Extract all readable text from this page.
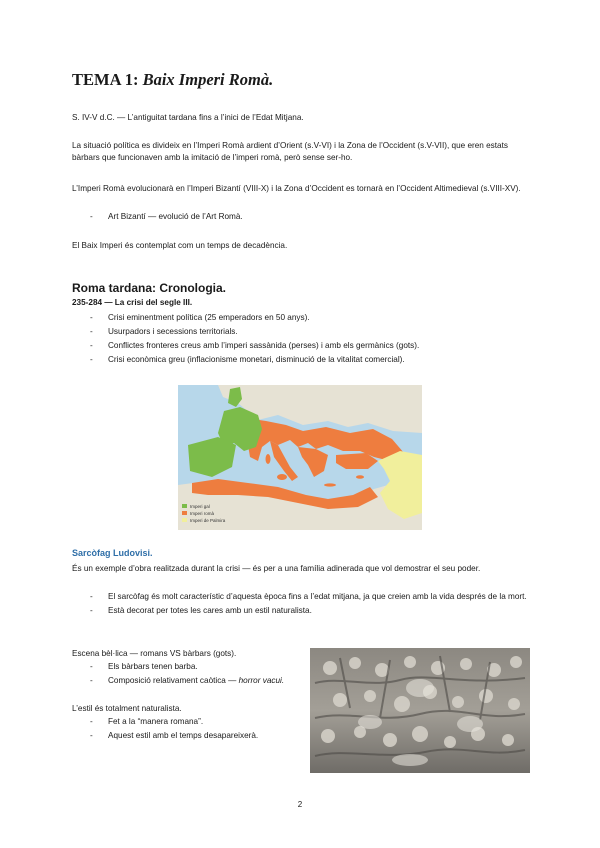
TEMA 1: Baix Imperi Romà.
S. IV-V d.C. — L’antiguitat tardana fins a l’inici de l’Edat Mitjana.
La situació política es divideix en l’Imperi Romà ardient d’Orient (s.V-VI) i la Zona de l’Occident (s.V-VII), que eren estats bàrbars que funcionaven amb la imitació de l’imperi romà, però sense ser-ho.
L’Imperi Romà evolucionarà en l’Imperi Bizantí (VIII-X) i la Zona d’Occident es tornarà en l’Occident Altimedieval (s.VIII-XV).
- Art Bizantí — evolució de l’Art Romà.
El Baix Imperi és contemplat com un temps de decadència.
Roma tardana: Cronologia.
235-284 — La crisi del segle III.
- Crisi eminentment política (25 emperadors en 50 anys).
- Usurpadors i secessions territorials.
- Conflictes fronteres creus amb l’imperi sassànida (perses) i amb els germànics (gots).
- Crisi econòmica greu (inflacionisme monetari, disminució de la vitalitat comercial).
Imperi gal
Imperi romà
Imperi de Palmira
Sarcòfag Ludovisi.
És un exemple d’obra realitzada durant la crisi — és per a una família adinerada que vol demostrar el seu poder.
- El sarcòfag és molt característic d’aquesta època fins a l’edat mitjana, ja que creien amb la vida després de la mort.
- Està decorat per totes les cares amb un estil naturalista.
Escena bèl·lica — romans VS bàrbars (gots).
- Els bàrbars tenen barba.
- Composició relativament caòtica — horror vacui.
L’estil és totalment naturalista.
- Fet a la “manera romana”.
- Aquest estil amb el temps desapareixerà.
2
